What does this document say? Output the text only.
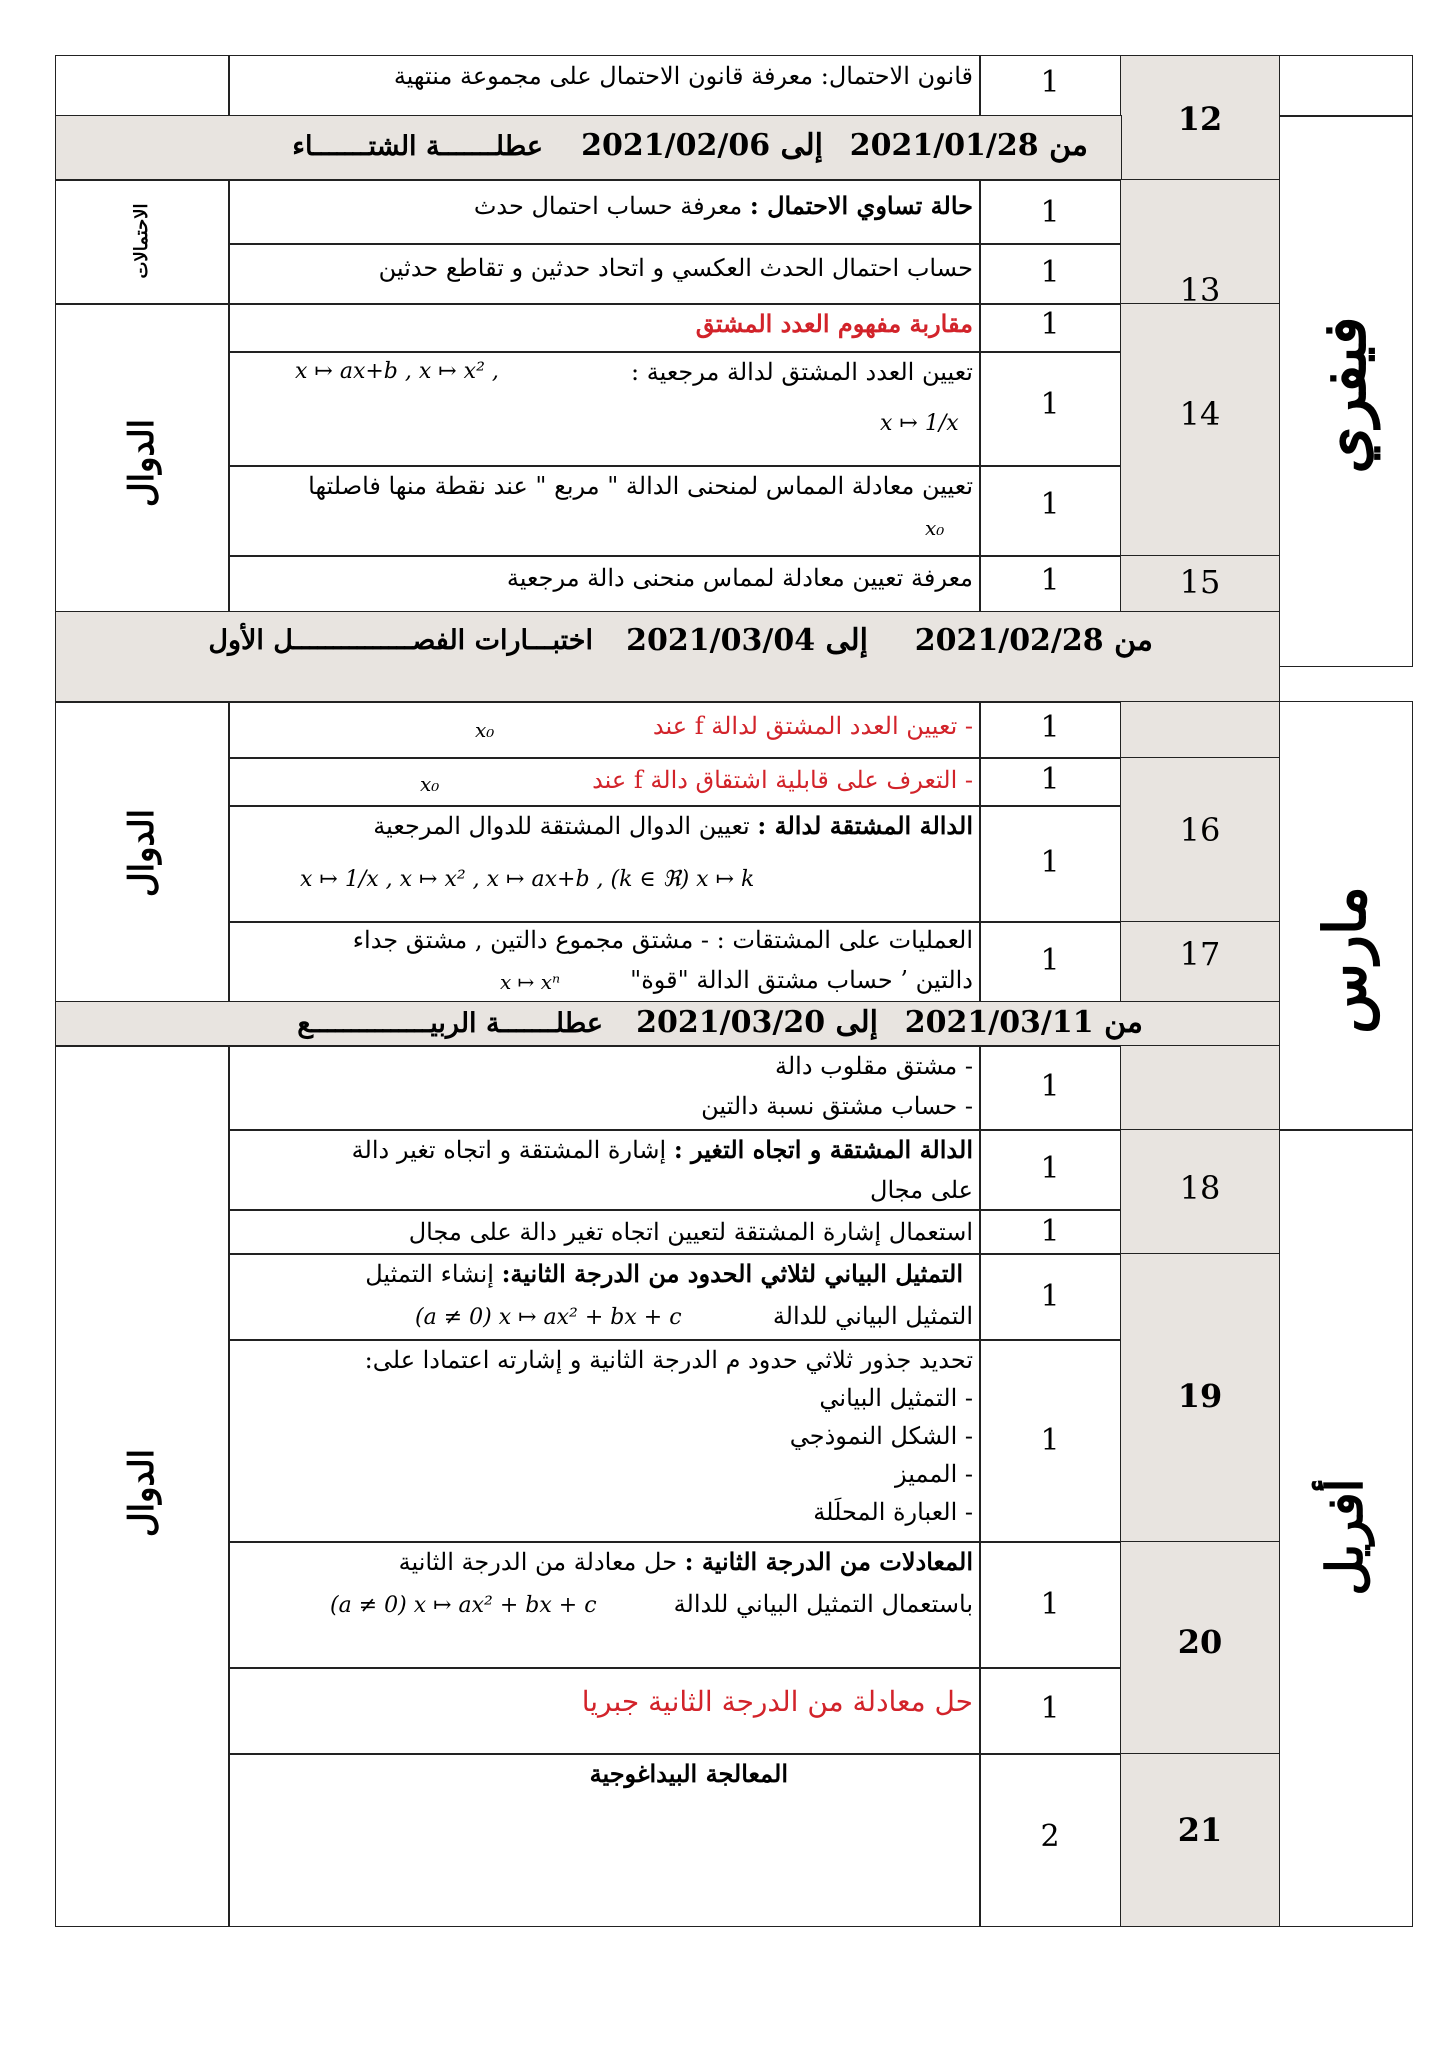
12
13
14
15
16
17
18
19
20
21
فيفري
مارس
أفريل
الاحتمالات
الدوال
الدوال
الدوال
من 2021/01/28
إلى 2021/02/06
عطلـــــــة الشتـــــــاء
من 2021/02/28
إلى 2021/03/04
اختبـــارات الفصـــــــــــــــل الأول
من 2021/03/11
إلى 2021/03/20
عطلـــــــة الربيـــــــــــــــع
1
1
1
1
1
1
1
1
1
1
1
1
1
1
1
1
1
1
2
قانون الاحتمال: معرفة قانون الاحتمال على مجموعة منتهية
حالة تساوي الاحتمال : معرفة حساب احتمال حدث
حساب احتمال الحدث العكسي و اتحاد حدثين و تقاطع حدثين
مقاربة مفهوم العدد المشتق
تعيين العدد المشتق لدالة مرجعية :
x ↦ ax+b , x ↦ x² ,
x ↦ 1/x
تعيين معادلة المماس لمنحنى الدالة " مربع " عند نقطة منها فاصلتها
x₀
معرفة تعيين معادلة لمماس منحنى دالة مرجعية
- تعيين العدد المشتق لدالة f عند
x₀
- التعرف على قابلية اشتقاق دالة f عند
x₀
الدالة المشتقة لدالة : تعيين الدوال المشتقة للدوال المرجعية
x ↦ 1/x , x ↦ x² , x ↦ ax+b , (k ∈ ℜ) x ↦ k
العمليات على المشتقات : - مشتق مجموع دالتين , مشتق جداء
دالتين ’ حساب مشتق الدالة "قوة"
x ↦ xⁿ
- مشتق مقلوب دالة
- حساب مشتق نسبة دالتين
الدالة المشتقة و اتجاه التغير : إشارة المشتقة و اتجاه تغير دالة
على مجال
استعمال إشارة المشتقة لتعيين اتجاه تغير دالة على مجال
التمثيل البياني لثلاثي الحدود من الدرجة الثانية: إنشاء التمثيل
التمثيل البياني للدالة
(a ≠ 0) x ↦ ax² + bx + c
تحديد جذور ثلاثي حدود م الدرجة الثانية و إشارته اعتمادا على:
- التمثيل البياني
- الشكل النموذجي
- المميز
- العبارة المحلَلة
المعادلات من الدرجة الثانية : حل معادلة من الدرجة الثانية
باستعمال التمثيل البياني للدالة
(a ≠ 0) x ↦ ax² + bx + c
حل معادلة من الدرجة الثانية جبريا
المعالجة البيداغوجية
